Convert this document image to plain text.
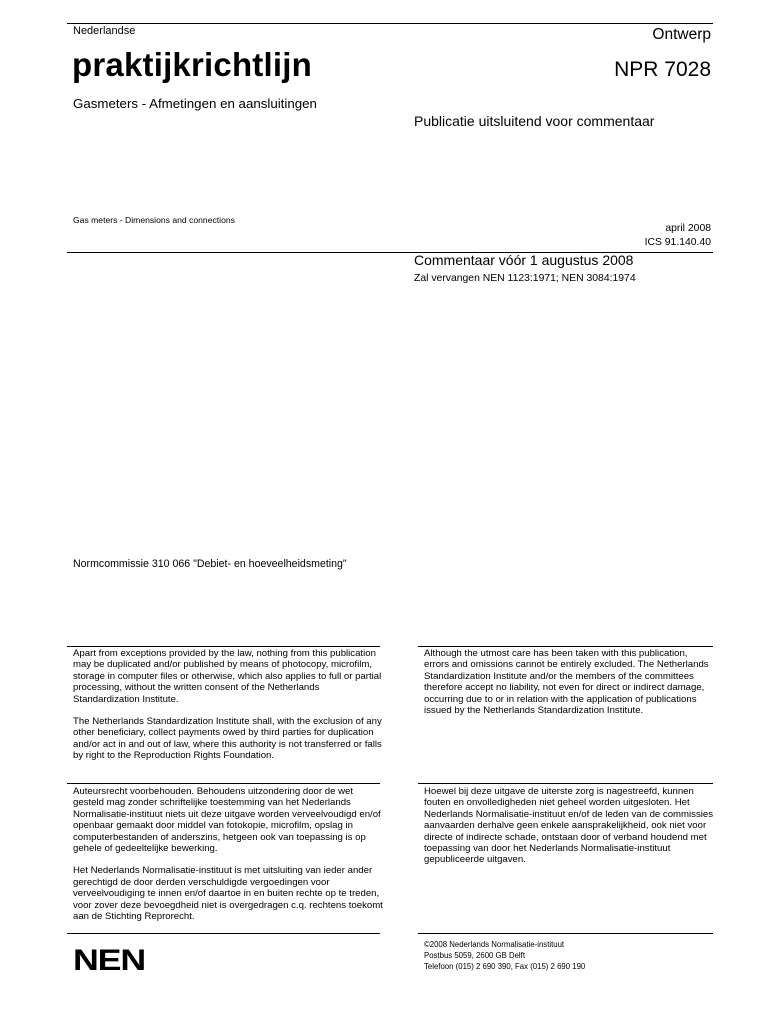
Nederlandse
praktijkrichtlijn
Gasmeters - Afmetingen en aansluitingen
Ontwerp
NPR 7028
Publicatie uitsluitend voor commentaar
Gas meters - Dimensions and connections
april 2008
ICS 91.140.40
Commentaar vóór 1 augustus 2008
Zal vervangen NEN 1123:1971; NEN 3084:1974
Normcommissie 310 066 "Debiet- en hoeveelheidsmeting"

Apart from exceptions provided by the law, nothing from this publication may be duplicated and/or published by means of photocopy, microfilm, storage in computer files or otherwise, which also applies to full or partial processing, without the written consent of the Netherlands Standardization Institute.

The Netherlands Standardization Institute shall, with the exclusion of any other beneficiary, collect payments owed by third parties for duplication and/or act in and out of law, where this authority is not transferred or falls by right to the Reproduction Rights Foundation.

Although the utmost care has been taken with this publication, errors and omissions cannot be entirely excluded. The Netherlands Standardization Institute and/or the members of the committees therefore accept no liability, not even for direct or indirect damage, occurring due to or in relation with the application of publications issued by the Netherlands Standardization Institute.

Auteursrecht voorbehouden. Behoudens uitzondering door de wet gesteld mag zonder schriftelijke toestemming van het Nederlands Normalisatie-instituut niets uit deze uitgave worden verveelvoudigd en/of openbaar gemaakt door middel van fotokopie, microfilm, opslag in computerbestanden of anderszins, hetgeen ook van toepassing is op gehele of gedeeltelijke bewerking.

Het Nederlands Normalisatie-instituut is met uitsluiting van ieder ander gerechtigd de door derden verschuldigde vergoedingen voor verveelvoudiging te innen en/of daartoe in en buiten rechte op te treden, voor zover deze bevoegdheid niet is overgedragen c.q. rechtens toekomt aan de Stichting Reprorecht.

Hoewel bij deze uitgave de uiterste zorg is nagestreefd, kunnen fouten en onvolledigheden niet geheel worden uitgesloten. Het Nederlands Normalisatie-instituut en/of de leden van de commissies aanvaarden derhalve geen enkele aansprakelijkheid, ook niet voor directe of indirecte schade, ontstaan door of verband houdend met toepassing van door het Nederlands Normalisatie-instituut gepubliceerde uitgaven.

NEN	©2008 Nederlands Normalisatie-instituut
Postbus 5059, 2600 GB Delft
Telefoon (015) 2 690 390, Fax (015) 2 690 190
